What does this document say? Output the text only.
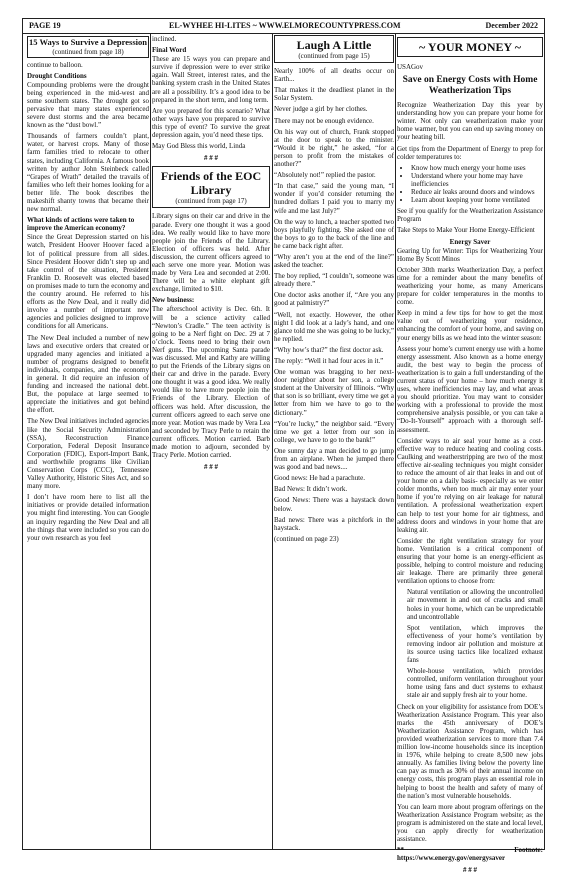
PAGE 19	EL-WYHEE HI-LITES ~ WWW.ELMORECOUNTYPRESS.COM	December 2022
15 Ways to Survive a Depression
(continued from page 18)

continue to balloon.

Drought Conditions

Compounding problems were the drought being experienced in the mid-west and some southern states. The drought got so pervasive that many states experienced severe dust storms and the area became known as the “dust bowl.”

Thousands of farmers couldn’t plant, water, or harvest crops. Many of those farm families tried to relocate to other states, including California. A famous book written by author John Steinbeck called “Grapes of Wrath” detailed the travails of families who left their homes looking for a better life. The book describes the makeshift shanty towns that became their new normal.

What kinds of actions were taken to improve the American economy?

Since the Great Depression started on his watch, President Hoover Hoover faced a lot of political pressure from all sides. Since President Hoover didn’t step up and take control of the situation, President Franklin D. Roosevelt was elected based on promises made to turn the economy and the country around. He referred to his efforts as the New Deal, and it really did involve a number of important new agencies and policies designed to improve conditions for all Americans.

The New Deal included a number of new laws and executive orders that created or upgraded many agencies and initiated a number of programs designed to benefit individuals, companies, and the economy in general. It did require an infusion of funding and increased the national debt. But, the populace at large seemed to appreciate the initiatives and got behind the effort.

The New Deal initiatives included agencies like the Social Security Administration (SSA), Reconstruction Finance Corporation, Federal Deposit Insurance Corporation (FDIC), Export-Import Bank, and worthwhile programs like Civilian Conservation Corps (CCC), Tennessee Valley Authority, Historic Sites Act, and so many more.

I don’t have room here to list all the initiatives or provide detailed information you might find interesting. You can Google an inquiry regarding the New Deal and all the things that were included so you can do your own research as you feel

inclined.

Final Word

These are 15 ways you can prepare and survive if depression were to ever strike again. Wall Street, interest rates, and the banking system crash in the United States are all a possibility. It’s a good idea to be prepared in the short term, and long term.

Are you prepared for this scenario? What other ways have you prepared to survive this type of event? To survive the great depression again, you’d need these tips.

May God Bless this world, Linda

# # #
Friends of the EOC Library
(continued from page 17)

Library signs on their car and drive in the parade. Every one thought it was a good idea. We really would like to have more people join the Friends of the Library. Election of officers was held. After discussion, the current officers agreed to each serve one more year. Motion was made by Vera Lea and seconded at 2:00. There will be a white elephant gift exchange, limited to $10.

New business:

The afterschool activity is Dec. 6th. It will be a science activity called “Newton’s Cradle.” The teen activity is going to be a Nerf fight on Dec. 29 at 7 o’clock. Teens need to bring their own Nerf guns. The upcoming Santa parade was discussed. Mel and Kathy are willing to put the Friends of the Library signs on their car and drive in the parade. Every one thought it was a good idea. We really would like to have more people join the Friends of the Library. Election of officers was held. After discussion, the current officers agreed to each serve one more year. Motion was made by Vera Lea and seconded by Tracy Perle to retain the current officers. Motion carried. Barb made motion to adjourn, seconded by Tracy Perle. Motion carried.

# # #
Laugh A Little
(continued from page 15)

Nearly 100% of all deaths occur on Earth...

That makes it the deadliest planet in the Solar System.

Never judge a girl by her clothes.

There may not be enough evidence.

On his way out of church, Frank stopped at the door to speak to the minister. “Would it be right,” he asked, “for a person to profit from the mistakes of another?”

“Absolutely not!” replied the pastor.

“In that case,” said the young man, “I wonder if you’d consider returning the hundred dollars I paid you to marry my wife and me last July?”

On the way to lunch, a teacher spotted two boys playfully fighting. She asked one of the boys to go to the back of the line and he came back right after.

“Why aren’t you at the end of the line?” asked the teacher.

The boy replied, “I couldn’t, someone was already there.”

One doctor asks another if, “Are you any good at palmistry?”

“Well, not exactly. However, the other night I did look at a lady’s hand, and one glance told me she was going to be lucky,” he replied.

“Why how’s that?” the first doctor ask.

The reply: “Well it had four aces in it.”

One woman was bragging to her next-door neighbor about her son, a college student at the University of Illinois. “Why that son is so brilliant, every time we get a letter from him we have to go to the dictionary.”

“You’re lucky,” the neighbor said. “Every time we get a letter from our son in college, we have to go to the bank!”

One sunny day a man decided to go jump from an airplane. When he jumped there was good and bad news....

Good news: He had a parachute.

Bad News: It didn’t work.

Good News: There was a haystack down below.

Bad news: There was a pitchfork in the haystack.

(continued on page 23)

~ YOUR MONEY ~

USAGov

Save on Energy Costs with Home Weatherization Tips

Recognize Weatherization Day this year by understanding how you can prepare your home for winter. Not only can weatherization make your home warmer, but you can end up saving money on your heating bill.

Get tips from the Department of Energy to prep for colder temperatures to:

• Know how much energy your home uses
• Understand where your home may have inefficiencies
• Reduce air leaks around doors and windows
• Learn about keeping your home ventilated

See if you qualify for the Weatherization Assistance Program

Take Steps to Make Your Home Energy-Efficient

Energy Saver

Gearing Up for Winter: Tips for Weatherizing Your Home By Scott Minos

October 30th marks Weatherization Day, a perfect time for a reminder about the many benefits of weatherizing your home, as many Americans prepare for colder temperatures in the months to come.

Keep in mind a few tips for how to get the most value out of weatherizing your residence, enhancing the comfort of your home, and saving on your energy bills as we head into the winter season:

Assess your home’s current energy use with a home energy assessment. Also known as a home energy audit, the best way to begin the process of weatherization is to gain a full understanding of the current status of your home – how much energy it uses, where inefficiencies may lay, and what areas you should prioritize. You may want to consider working with a professional to provide the most comprehensive analysis possible, or you can take a “Do-It-Yourself” approach with a thorough self-assessment.

Consider ways to air seal your home as a cost-effective way to reduce heating and cooling costs. Caulking and weatherstripping are two of the most effective air-sealing techniques you might consider to reduce the amount of air that leaks in and out of your home on a daily basis- especially as we enter colder months, when too much air may enter your home if you’re relying on air leakage for natural ventilation. A professional weatherization expert can help to test your home for air tightness, and address doors and windows in your home that are leaking air.

Consider the right ventilation strategy for your home. Ventilation is a critical component of ensuring that your home is an energy-efficient as possible, helping to control moisture and reducing air leakage. There are primarily three general ventilation options to choose from:

Natural ventilation or allowing the uncontrolled air movement in and out of cracks and small holes in your home, which can be unpredictable and uncontrollable

Spot ventilation, which improves the effectiveness of your home’s ventilation by removing indoor air pollution and moisture at its source using tactics like localized exhaust fans

Whole-house ventilation, which provides controlled, uniform ventilation throughout your home using fans and duct systems to exhaust stale air and supply fresh air to your home.

Check on your eligibility for assistance from DOE’s Weatherization Assistance Program. This year also marks the 45th anniversary of DOE’s Weatherization Assistance Program, which has provided weatherization services to more than 7.4 million low-income households since its inception in 1976, while helping to create 8,500 new jobs annually. As families living below the poverty line can pay as much as 30% of their annual income on energy costs, this program plays an essential role in helping to boost the health and safety of many of the nation’s most vulnerable households.

You can learn more about program offerings on the Weatherization Assistance Program website; as the program is administered on the state and local level, you can apply directly for weatherization assistance.

** Footnote: https://www.energy.gov/energysaver

# # #
